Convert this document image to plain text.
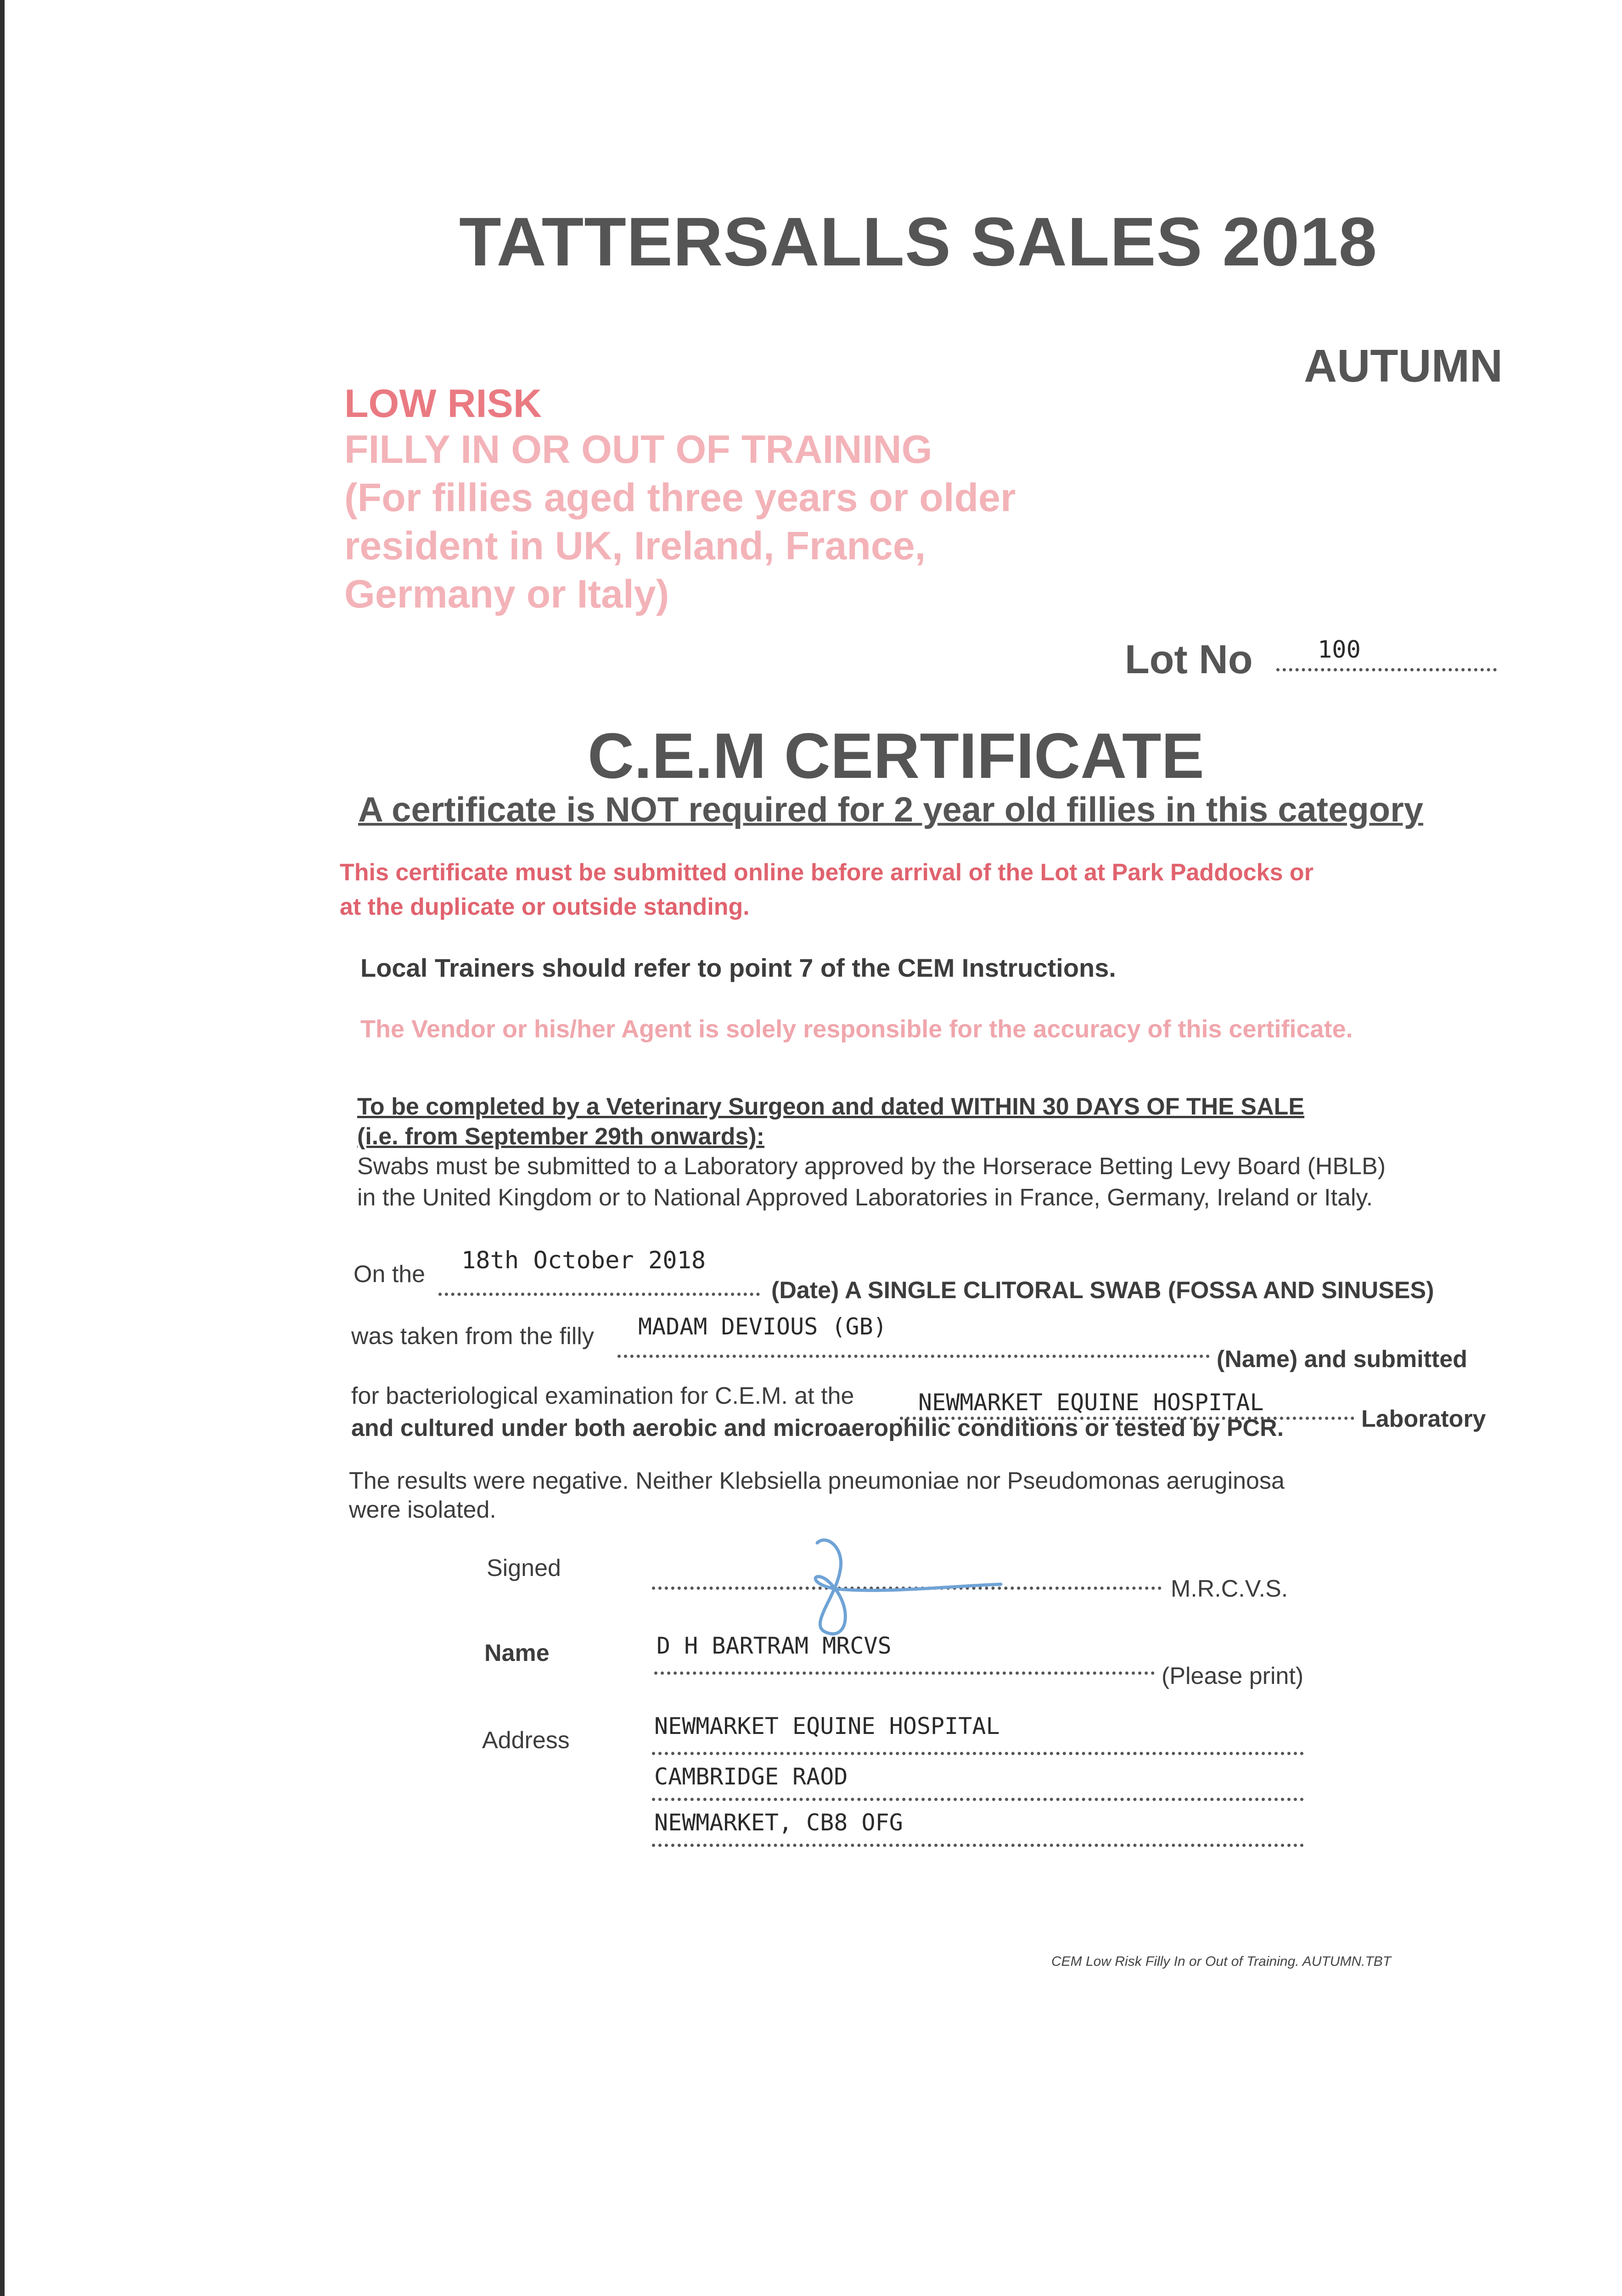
TATTERSALLS SALES 2018
AUTUMN
LOW RISK
FILLY IN OR OUT OF TRAINING
(For fillies aged three years or older
resident in UK, Ireland, France,
Germany or Italy)
Lot No	100
C.E.M CERTIFICATE
A certificate is NOT required for 2 year old fillies in this category
This certificate must be submitted online before arrival of the Lot at Park Paddocks or
at the duplicate or outside standing.
Local Trainers should refer to point 7 of the CEM Instructions.
The Vendor or his/her Agent is solely responsible for the accuracy of this certificate.
To be completed by a Veterinary Surgeon and dated WITHIN 30 DAYS OF THE SALE
(i.e. from September 29th onwards):
Swabs must be submitted to a Laboratory approved by the Horserace Betting Levy Board (HBLB)
in the United Kingdom or to National Approved Laboratories in France, Germany, Ireland or Italy.
On the 18th October 2018
(Date) A SINGLE CLITORAL SWAB (FOSSA AND SINUSES)
was taken from the filly MADAM DEVIOUS (GB)
(Name) and submitted
for bacteriological examination for C.E.M. at the	NEWMARKET EQUINE HOSPITAL
Laboratory
and cultured under both aerobic and microaerophilic conditions or tested by PCR.
The results were negative. Neither Klebsiella pneumoniae nor Pseudomonas aeruginosa
were isolated.
Signed
M.R.C.V.S.
Name	D H BARTRAM MRCVS
(Please print)
Address
NEWMARKET EQUINE HOSPITAL
CAMBRIDGE RAOD
NEWMARKET, CB8 OFG
CEM Low Risk Filly In or Out of Training. AUTUMN.TBT
